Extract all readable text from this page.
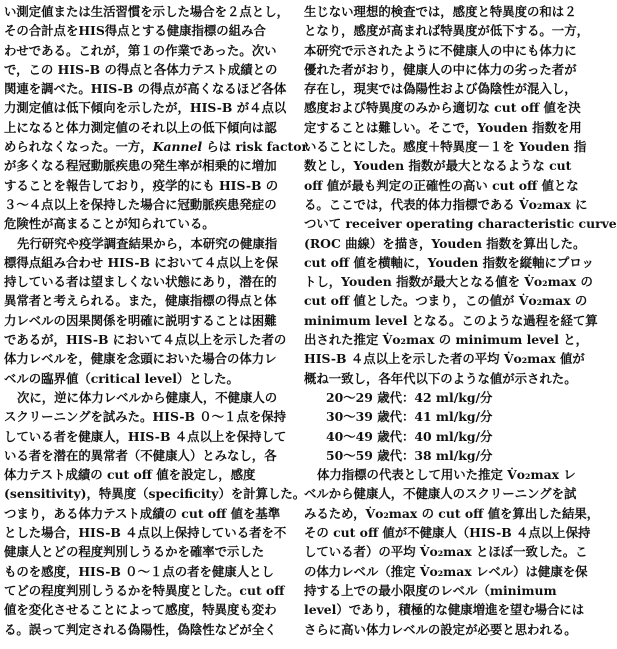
い測定値または生活習慣を示した場合を２点とし，
その合計点をHIS得点とする健康指標の組み合
わせである。これが，第１の作業であった。次い
で，この HIS-B の得点と各体力テスト成績との
関連を調べた。HIS-B の得点が高くなるほど各体
力測定値は低下傾向を示したが，HIS-B が４点以
上になると体力測定値のそれ以上の低下傾向は認
められなくなった。一方，Kannel らは risk factor
が多くなる程冠動脈疾患の発生率が相乗的に増加
することを報告しており，疫学的にも HIS-B の
３～４点以上を保持した場合に冠動脈疾患発症の
危険性が高まることが知られている。
先行研究や疫学調査結果から，本研究の健康指
標得点組み合わせ HIS-B において４点以上を保
持している者は望ましくない状態にあり，潜在的
異常者と考えられる。また，健康指標の得点と体
力レベルの因果関係を明確に説明することは困難
であるが，HIS-B において４点以上を示した者の
体力レベルを，健康を念頭においた場合の体力レ
ベルの臨界値（critical level）とした。
次に，逆に体力レベルから健康人，不健康人の
スクリーニングを試みた。HIS-B ０～１点を保持
している者を健康人，HIS-B ４点以上を保持して
いる者を潜在的異常者（不健康人）とみなし，各
体力テスト成績の cut off 値を設定し，感度
(sensitivity)，特異度（specificity）を計算した。
つまり，ある体力テスト成績の cut off 値を基準
とした場合，HIS-B ４点以上保持している者を不
健康人とどの程度判別しうるかを確率で示した
ものを感度，HIS-B ０～１点の者を健康人とし
てどの程度判別しうるかを特異度とした。cut off
値を変化させることによって感度，特異度も変わ
る。誤って判定される偽陽性，偽陰性などが全く
生じない理想的検査では，感度と特異度の和は２
となり，感度が高まれば特異度が低下する。一方，
本研究で示されたように不健康人の中にも体力に
優れた者がおり，健康人の中に体力の劣った者が
存在し，現実では偽陽性および偽陰性が混入し，
感度および特異度のみから適切な cut off 値を決
定することは難しい。そこで，Youden 指数を用
いることにした。感度＋特異度－１を Youden 指
数とし，Youden 指数が最大となるような cut
off 値が最も判定の正確性の高い cut off 値とな
る。ここでは，代表的体力指標である V̇o₂max に
ついて receiver operating characteristic curve
(ROC 曲線）を描き，Youden 指数を算出した。
cut off 値を横軸に，Youden 指数を縦軸にプロッ
トし，Youden 指数が最大となる値を V̇o₂max の
cut off 値とした。つまり，この値が V̇o₂max の
minimum level となる。このような過程を経て算
出された推定 V̇o₂max の minimum level と，
HIS-B ４点以上を示した者の平均 V̇o₂max 値が
概ね一致し，各年代以下のような値が示された。
20～29 歳代：42 ml/kg/分
30～39 歳代：41 ml/kg/分
40～49 歳代：40 ml/kg/分
50～59 歳代：38 ml/kg/分
体力指標の代表として用いた推定 V̇o₂max レ
ベルから健康人，不健康人のスクリーニングを試
みるため，V̇o₂max の cut off 値を算出した結果，
その cut off 値が不健康人（HIS-B ４点以上保持
している者）の平均 V̇o₂max とほぼ一致した。こ
の体力レベル（推定 V̇o₂max レベル）は健康を保
持する上での最小限度のレベル（minimum
level）であり，積極的な健康増進を望む場合には
さらに高い体力レベルの設定が必要と思われる。
